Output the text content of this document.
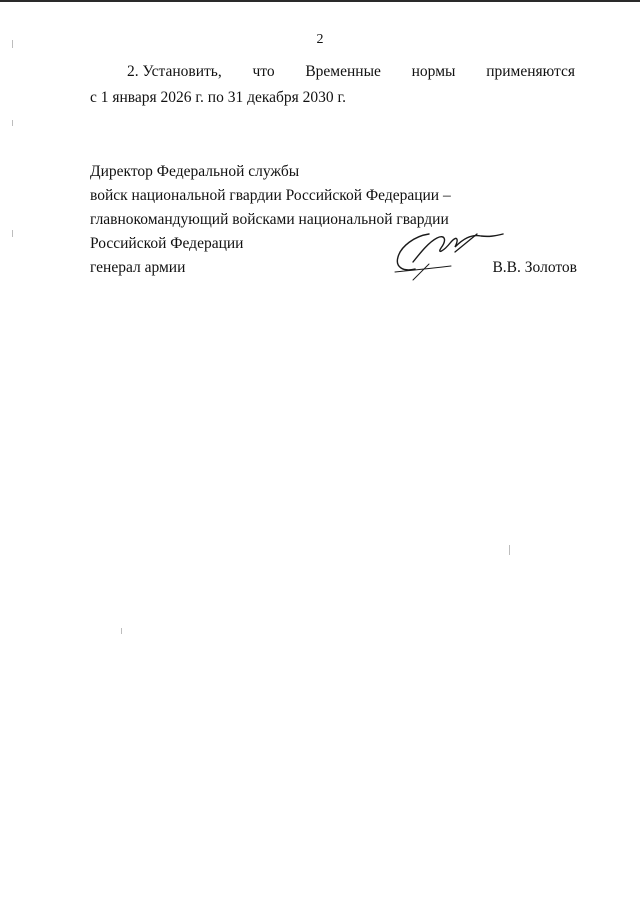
2
2. Установить, что Временные нормы применяются
с 1 января 2026 г. по 31 декабря 2030 г.
Директор Федеральной службы
войск национальной гвардии Российской Федерации –
главнокомандующий войсками национальной гвардии
Российской Федерации
генерал армии	В.В. Золотов
